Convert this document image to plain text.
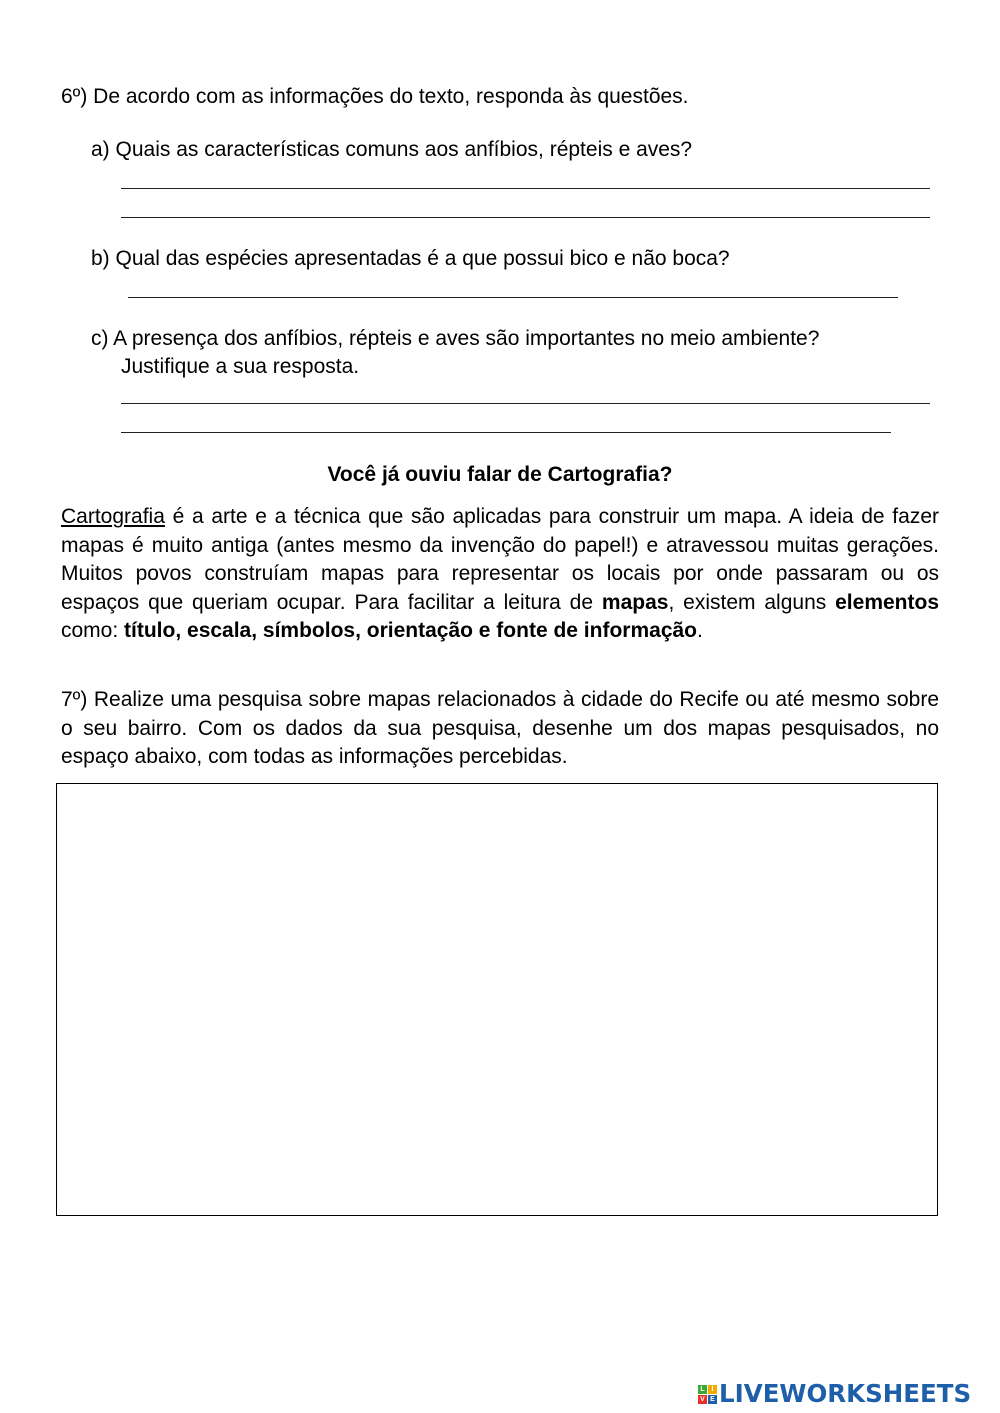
6º) De acordo com as informações do texto, responda às questões.
a) Quais as características comuns aos anfíbios, répteis e aves?
b) Qual das espécies apresentadas é a que possui bico e não boca?
c) A presença dos anfíbios, répteis e aves são importantes no meio ambiente?
Justifique a sua resposta.
Você já ouviu falar de Cartografia?

Cartografia é a arte e a técnica que são aplicadas para construir um mapa. A ideia de fazer mapas é muito antiga (antes mesmo da invenção do papel!) e atravessou muitas gerações. Muitos povos construíam mapas para representar os locais por onde passaram ou os espaços que queriam ocupar. Para facilitar a leitura de mapas, existem alguns elementos como: título, escala, símbolos, orientação e fonte de informação.

7º) Realize uma pesquisa sobre mapas relacionados à cidade do Recife ou até mesmo sobre o seu bairro. Com os dados da sua pesquisa, desenhe um dos mapas pesquisados, no espaço abaixo, com todas as informações percebidas.

L I
V E LIVEWORKSHEETS
